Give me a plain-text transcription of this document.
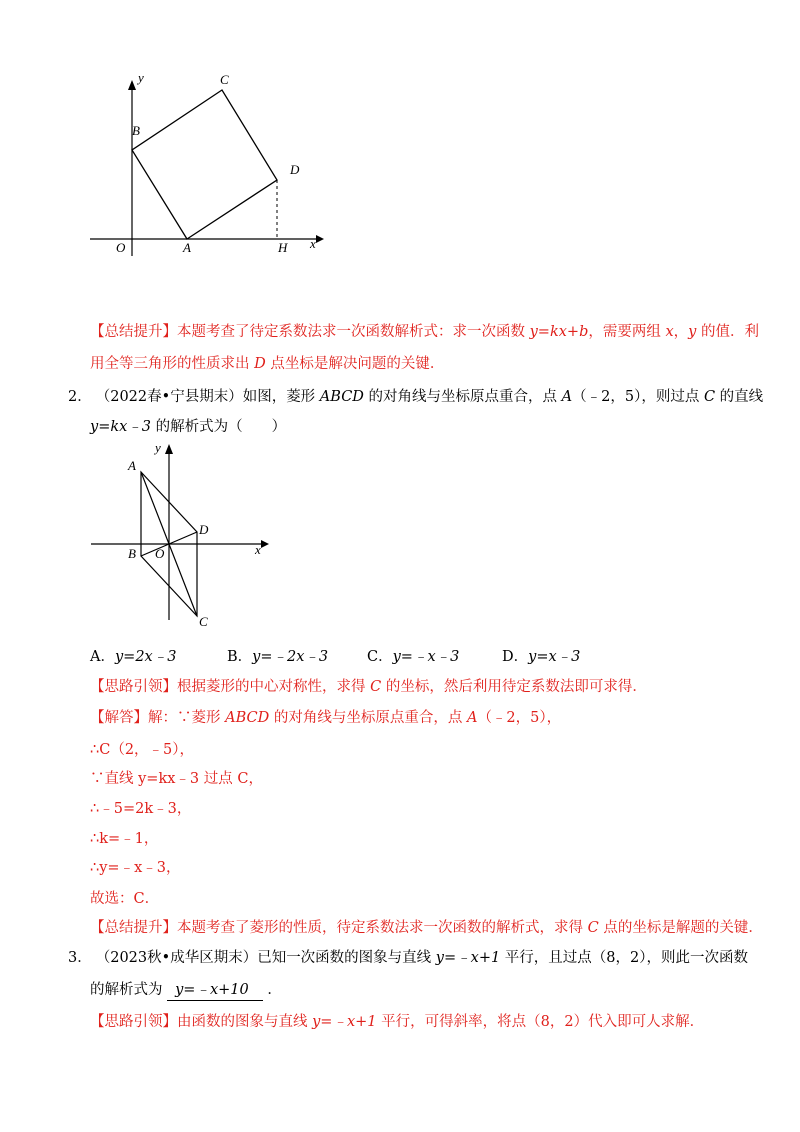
y	C
B
D
O	A	H x
【总结提升】本题考查了待定系数法求一次函数解析式：求一次函数 y=kx+b，需要两组 x，y 的值．利
用全等三角形的性质求出 D 点坐标是解决问题的关键．
2． （2022春•宁县期末）如图，菱形 ABCD 的对角线与坐标原点重合，点 A（﹣2，5），则过点 C 的直线
y=kx﹣3 的解析式为（　　）
y
A
D
x
B O
C
A．y=2x﹣3	B．y=﹣2x﹣3	C．y=﹣x﹣3	D．y=x﹣3
【思路引领】根据菱形的中心对称性，求得 C 的坐标，然后利用待定系数法即可求得．
【解答】解：∵菱形 ABCD 的对角线与坐标原点重合，点 A（﹣2，5），
∴C（2，﹣5），
∵直线 y=kx﹣3 过点 C，
∴﹣5=2k﹣3，
∴k=﹣1，
∴y=﹣x﹣3，
故选：C．
【总结提升】本题考查了菱形的性质，待定系数法求一次函数的解析式，求得 C 点的坐标是解题的关键．
3． （2023秋•成华区期末）已知一次函数的图象与直线 y=﹣x+1 平行，且过点（8，2），则此一次函数
的解析式为 y=﹣x+10 ．
【思路引领】由函数的图象与直线 y=﹣x+1 平行，可得斜率，将点（8，2）代入即可人求解．
